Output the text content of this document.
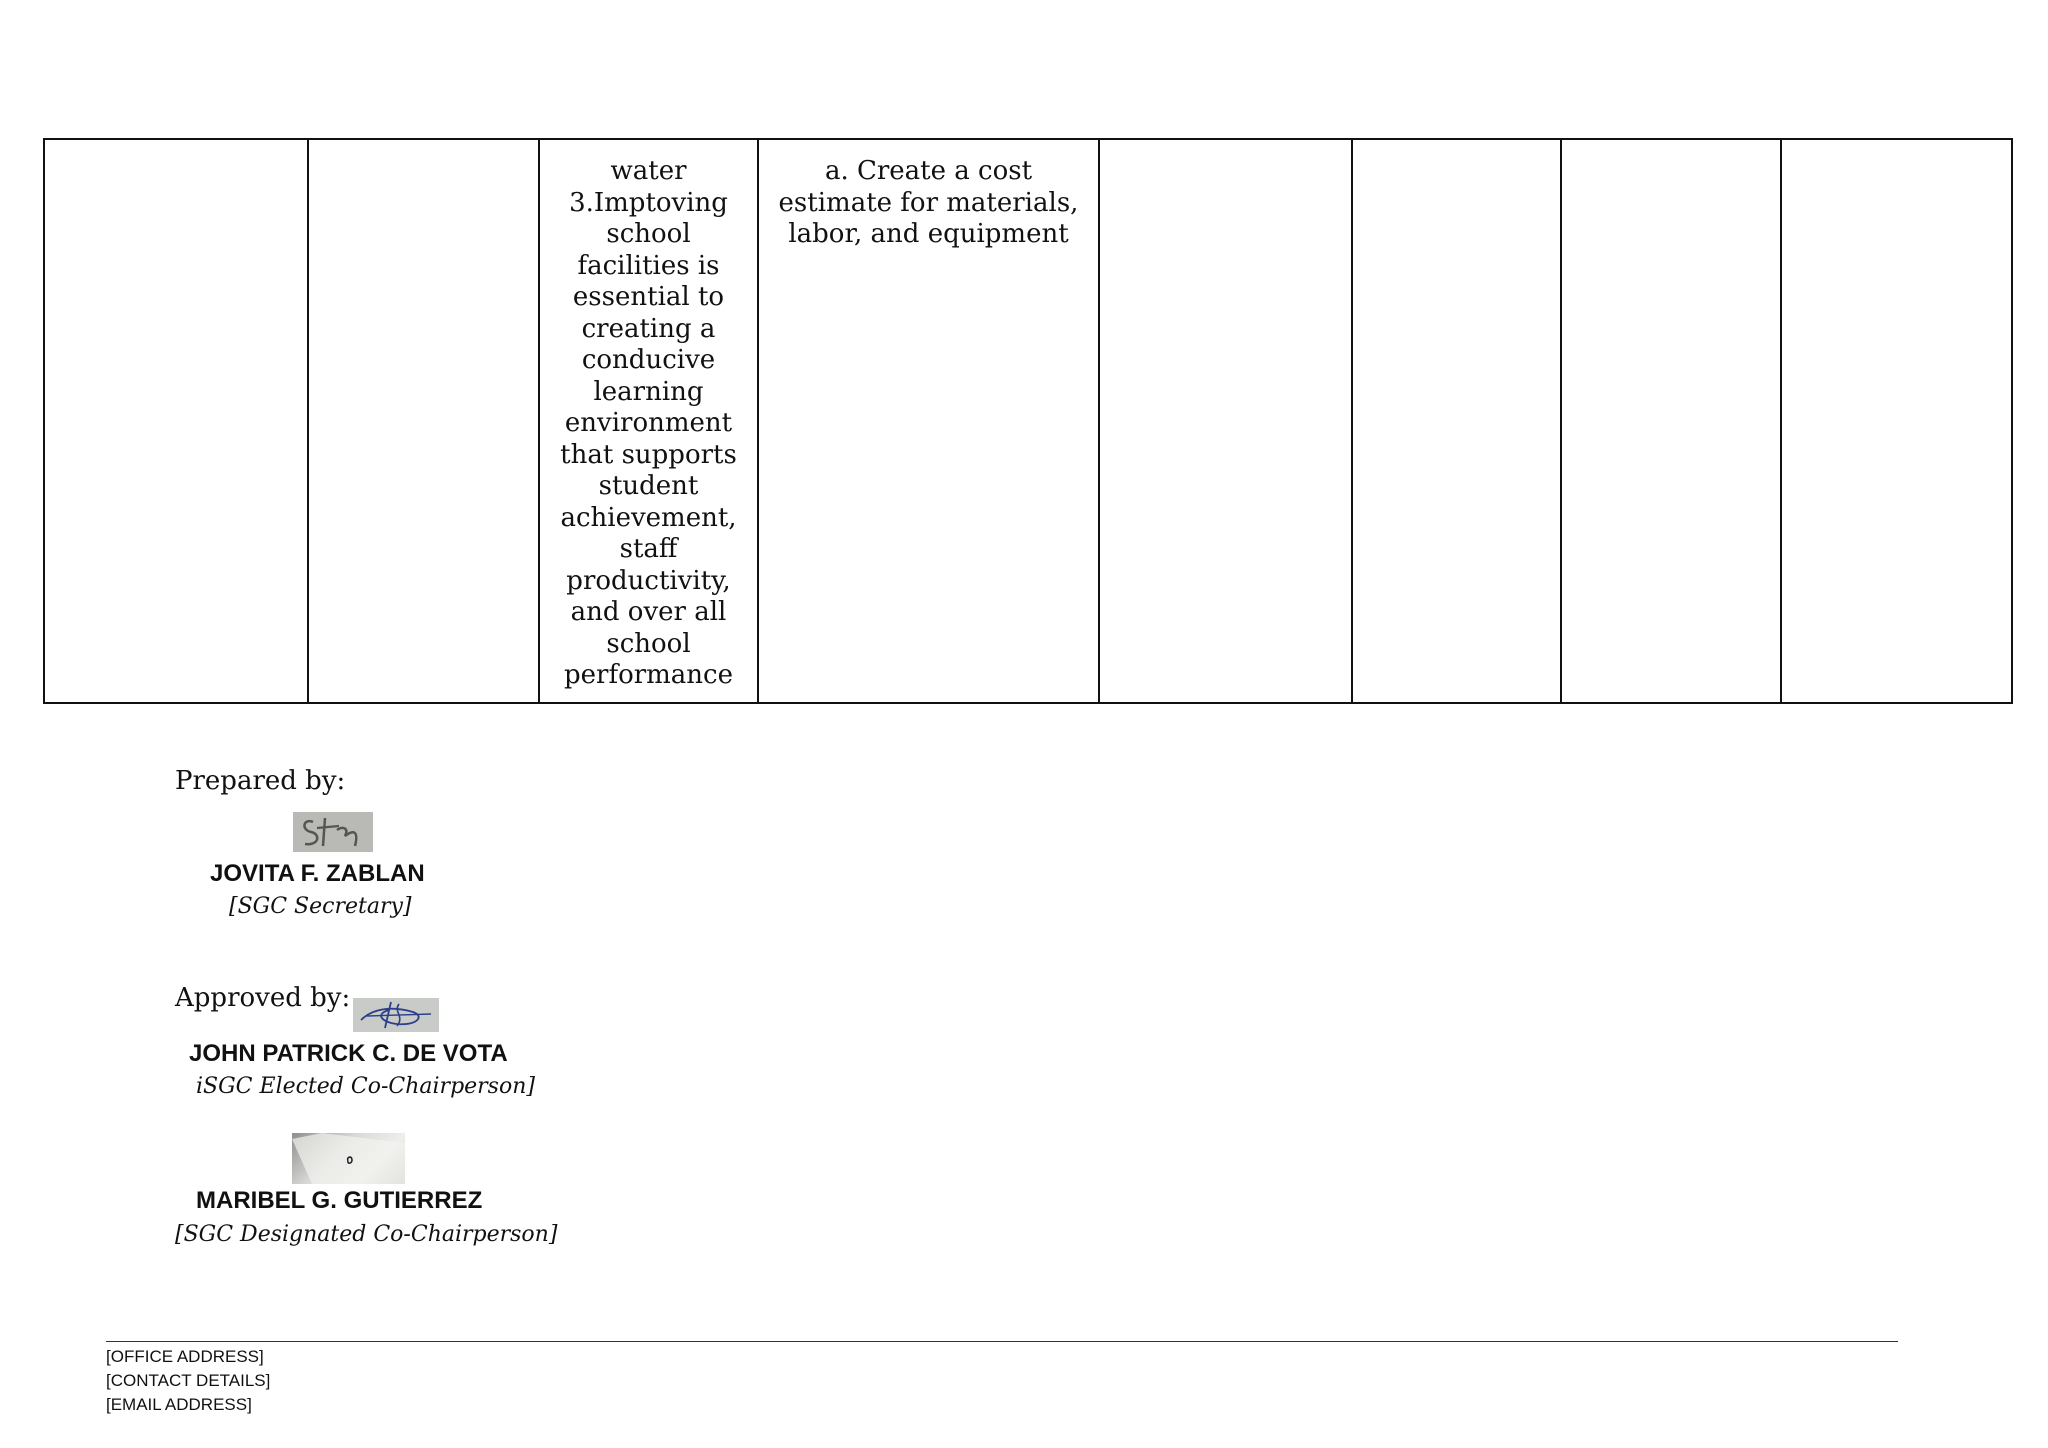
		water
3.Imptoving
school
facilities is
essential to
creating a
conducive
learning
environment
that supports
student
achievement,
staff
productivity,
and over all
school
performance	a. Create a cost
estimate for materials,
labor, and equipment				
Prepared by:
JOVITA F. ZABLAN
[SGC Secretary]
Approved by:
JOHN PATRICK C. DE VOTA
iSGC Elected Co-Chairperson]
MARIBEL G. GUTIERREZ
[SGC Designated Co-Chairperson]
[OFFICE ADDRESS]
[CONTACT DETAILS]
[EMAIL ADDRESS]
